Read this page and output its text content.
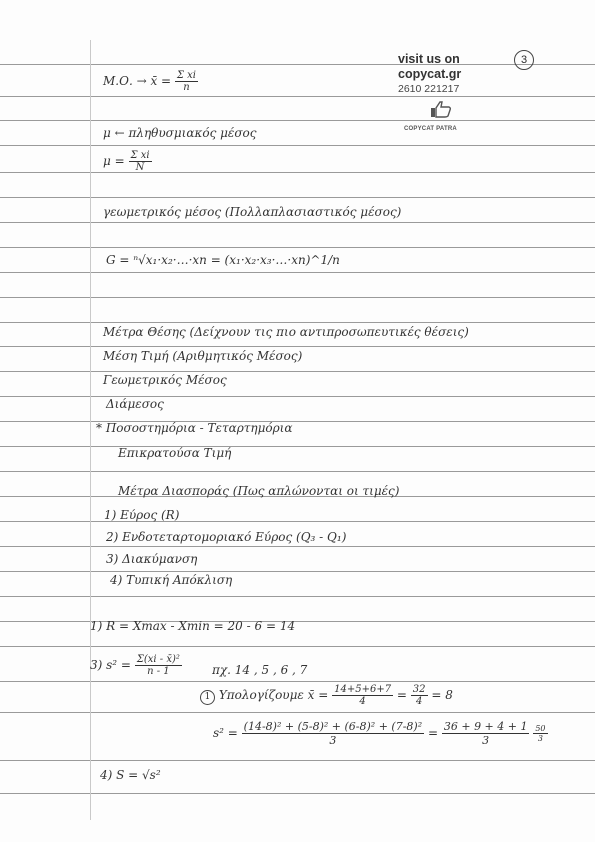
visit us on
copycat.gr
2610 221217
COPYCAT PATRA
3
Μ.Ο. → x̄ = $\frac{\text{Σ xi}}{n}$
μ ← πληθυσμιακός μέσος
$\mu = \frac{\text{Σ xi}}{N}$
γεωμετρικός μέσος (Πολλαπλασιαστικός μέσος)
G = ⁿ√x₁·x₂·…·xn = (x₁·x₂·x₃·…·xn)^1/n
Μέτρα Θέσης (Δείχνουν τις πιο αντιπροσωπευτικές θέσεις)
Μέση Τιμή (Αριθμητικός Μέσος)
Γεωμετρικός Μέσος
Διάμεσος
* Ποσοστημόρια - Τεταρτημόρια
Επικρατούσα Τιμή
Μέτρα Διασποράς (Πως απλώνονται οι τιμές)
1) Εύρος (R)
2) Ενδοτεταρτομοριακό Εύρος (Q₃ - Q₁)
3) Διακύμανση
4) Τυπική Απόκλιση
1) R = Xmax - Xmin = 20 - 6 = 14
3) $s^2 = \frac{\text{Σ(xi - x̄)²}}{n - 1}$	πχ. 14 , 5 , 6 , 7
1 Υπολογίζουμε x̄ = $\frac{14+5+6+7}{4} = \frac{32}{4} = 8$
$s^2 = \frac{\text{(14-8)² + (5-8)² + (6-8)² + (7-8)²}}{3} = \frac{36 + 9 + 4 + 1}{3}$
$\frac{50}{3}$
4) S = √s²
